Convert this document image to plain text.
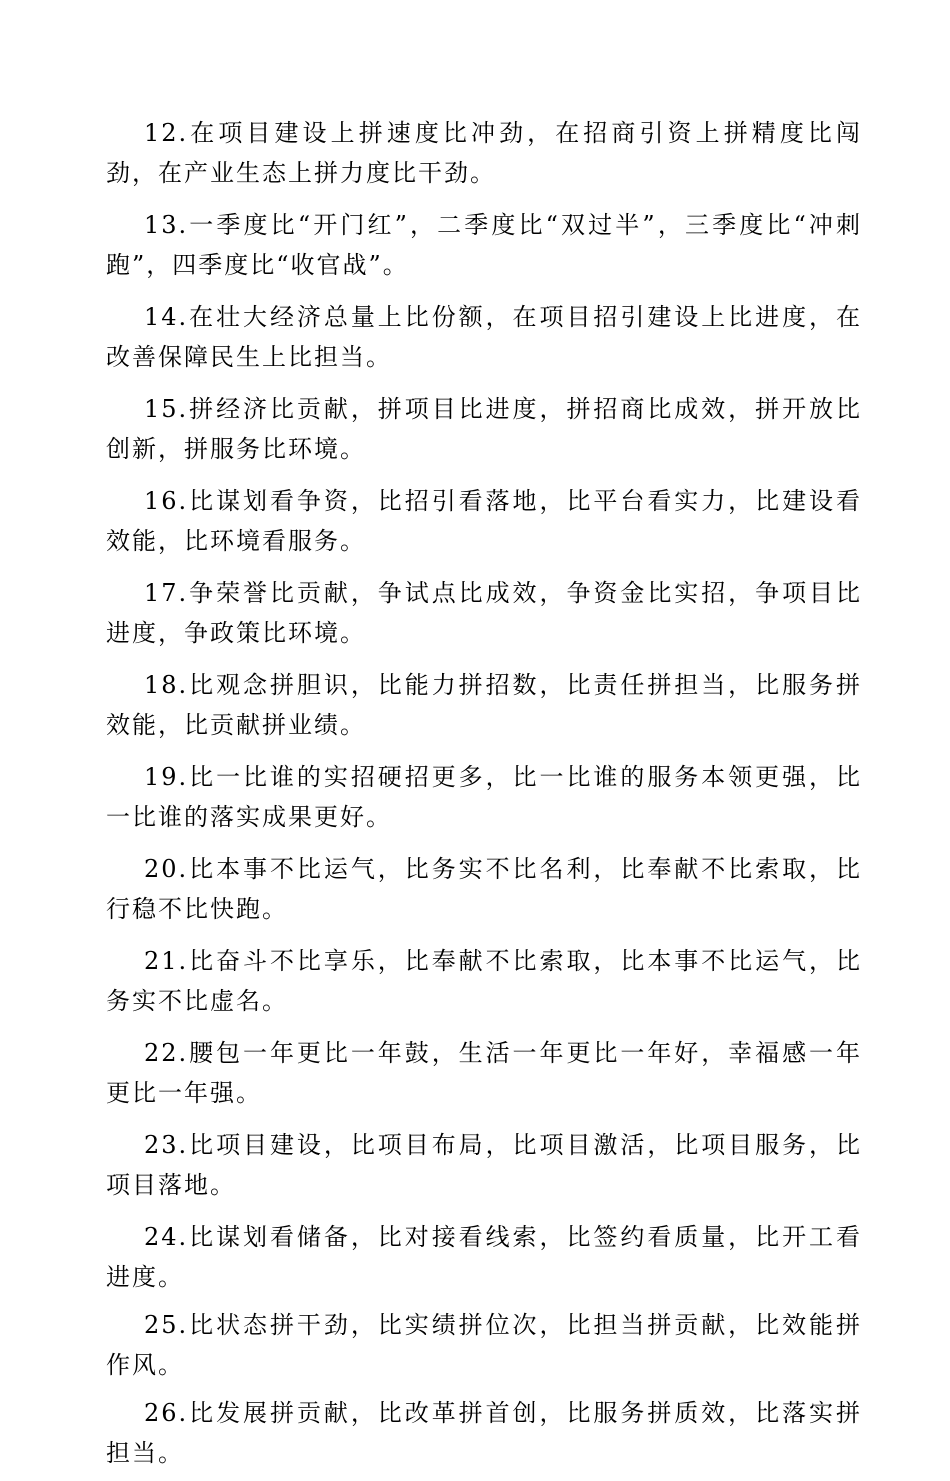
12.在项目建设上拼速度比冲劲，在招商引资上拼精度比闯劲，在产业生态上拼力度比干劲。

13.一季度比“开门红”，二季度比“双过半”，三季度比“冲刺跑”，四季度比“收官战”。

14.在壮大经济总量上比份额，在项目招引建设上比进度，在改善保障民生上比担当。

15.拼经济比贡献，拼项目比进度，拼招商比成效，拼开放比创新，拼服务比环境。

16.比谋划看争资，比招引看落地，比平台看实力，比建设看效能，比环境看服务。

17.争荣誉比贡献，争试点比成效，争资金比实招，争项目比进度，争政策比环境。

18.比观念拼胆识，比能力拼招数，比责任拼担当，比服务拼效能，比贡献拼业绩。

19.比一比谁的实招硬招更多，比一比谁的服务本领更强，比一比谁的落实成果更好。

20.比本事不比运气，比务实不比名利，比奉献不比索取，比行稳不比快跑。

21.比奋斗不比享乐，比奉献不比索取，比本事不比运气，比务实不比虚名。

22.腰包一年更比一年鼓，生活一年更比一年好，幸福感一年更比一年强。

23.比项目建设，比项目布局，比项目激活，比项目服务，比项目落地。

24.比谋划看储备，比对接看线索，比签约看质量，比开工看进度。

25.比状态拼干劲，比实绩拼位次，比担当拼贡献，比效能拼作风。

26.比发展拼贡献，比改革拼首创，比服务拼质效，比落实拼担当。
